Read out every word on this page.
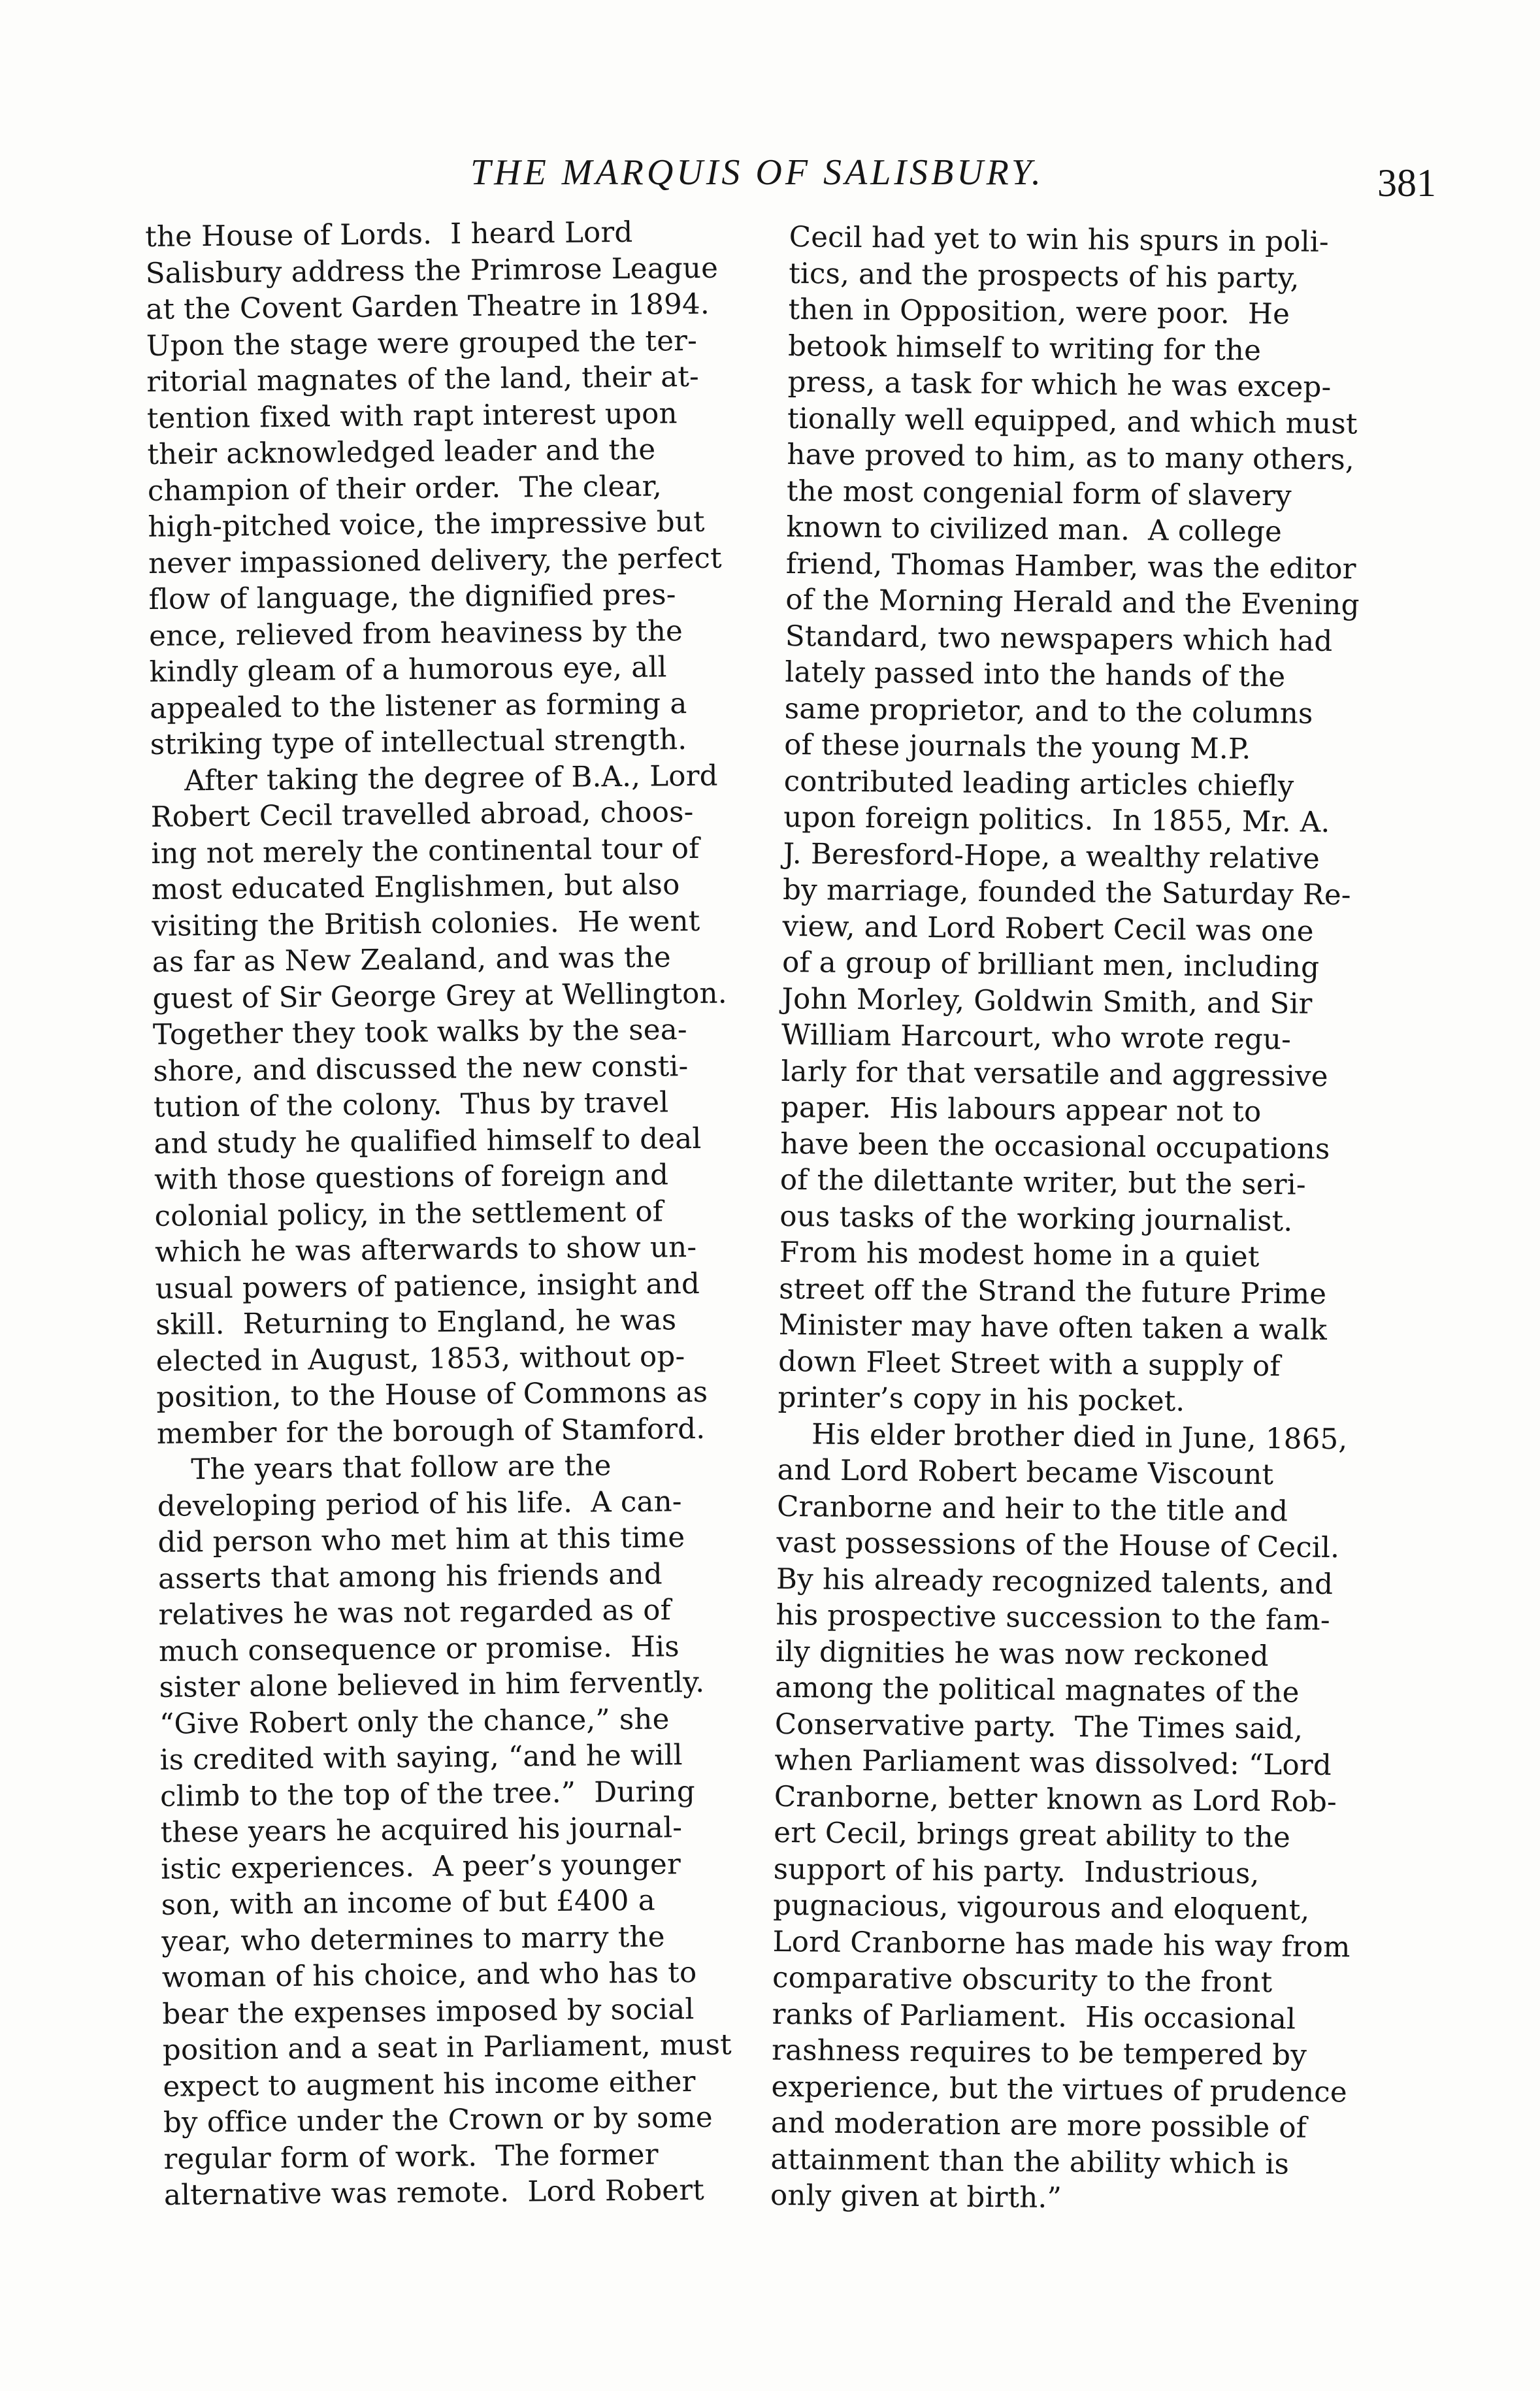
THE MARQUIS OF SALISBURY.	381
the House of Lords.  I heard Lord
Salisbury address the Primrose League
at the Covent Garden Theatre in 1894.
Upon the stage were grouped the ter-
ritorial magnates of the land, their at-
tention fixed with rapt interest upon
their acknowledged leader and the
champion of their order.  The clear,
high-pitched voice, the impressive but
never impassioned delivery, the perfect
flow of language, the dignified pres-
ence, relieved from heaviness by the
kindly gleam of a humorous eye, all
appealed to the listener as forming a
striking type of intellectual strength.
After taking the degree of B.A., Lord
Robert Cecil travelled abroad, choos-
ing not merely the continental tour of
most educated Englishmen, but also
visiting the British colonies.  He went
as far as New Zealand, and was the
guest of Sir George Grey at Wellington.
Together they took walks by the sea-
shore, and discussed the new consti-
tution of the colony.  Thus by travel
and study he qualified himself to deal
with those questions of foreign and
colonial policy, in the settlement of
which he was afterwards to show un-
usual powers of patience, insight and
skill.  Returning to England, he was
elected in August, 1853, without op-
position, to the House of Commons as
member for the borough of Stamford.
The years that follow are the
developing period of his life.  A can-
did person who met him at this time
asserts that among his friends and
relatives he was not regarded as of
much consequence or promise.  His
sister alone believed in him fervently.
“Give Robert only the chance,” she
is credited with saying, “and he will
climb to the top of the tree.”  During
these years he acquired his journal-
istic experiences.  A peer’s younger
son, with an income of but £400 a
year, who determines to marry the
woman of his choice, and who has to
bear the expenses imposed by social
position and a seat in Parliament, must
expect to augment his income either
by office under the Crown or by some
regular form of work.  The former
alternative was remote.  Lord Robert
Cecil had yet to win his spurs in poli-
tics, and the prospects of his party,
then in Opposition, were poor.  He
betook himself to writing for the
press, a task for which he was excep-
tionally well equipped, and which must
have proved to him, as to many others,
the most congenial form of slavery
known to civilized man.  A college
friend, Thomas Hamber, was the editor
of the Morning Herald and the Evening
Standard, two newspapers which had
lately passed into the hands of the
same proprietor, and to the columns
of these journals the young M.P.
contributed leading articles chiefly
upon foreign politics.  In 1855, Mr. A.
J. Beresford-Hope, a wealthy relative
by marriage, founded the Saturday Re-
view, and Lord Robert Cecil was one
of a group of brilliant men, including
John Morley, Goldwin Smith, and Sir
William Harcourt, who wrote regu-
larly for that versatile and aggressive
paper.  His labours appear not to
have been the occasional occupations
of the dilettante writer, but the seri-
ous tasks of the working journalist.
From his modest home in a quiet
street off the Strand the future Prime
Minister may have often taken a walk
down Fleet Street with a supply of
printer’s copy in his pocket.
His elder brother died in June, 1865,
and Lord Robert became Viscount
Cranborne and heir to the title and
vast possessions of the House of Cecil.
By his already recognized talents, and
his prospective succession to the fam-
ily dignities he was now reckoned
among the political magnates of the
Conservative party.  The Times said,
when Parliament was dissolved: “Lord
Cranborne, better known as Lord Rob-
ert Cecil, brings great ability to the
support of his party.  Industrious,
pugnacious, vigourous and eloquent,
Lord Cranborne has made his way from
comparative obscurity to the front
ranks of Parliament.  His occasional
rashness requires to be tempered by
experience, but the virtues of prudence
and moderation are more possible of
attainment than the ability which is
only given at birth.”
